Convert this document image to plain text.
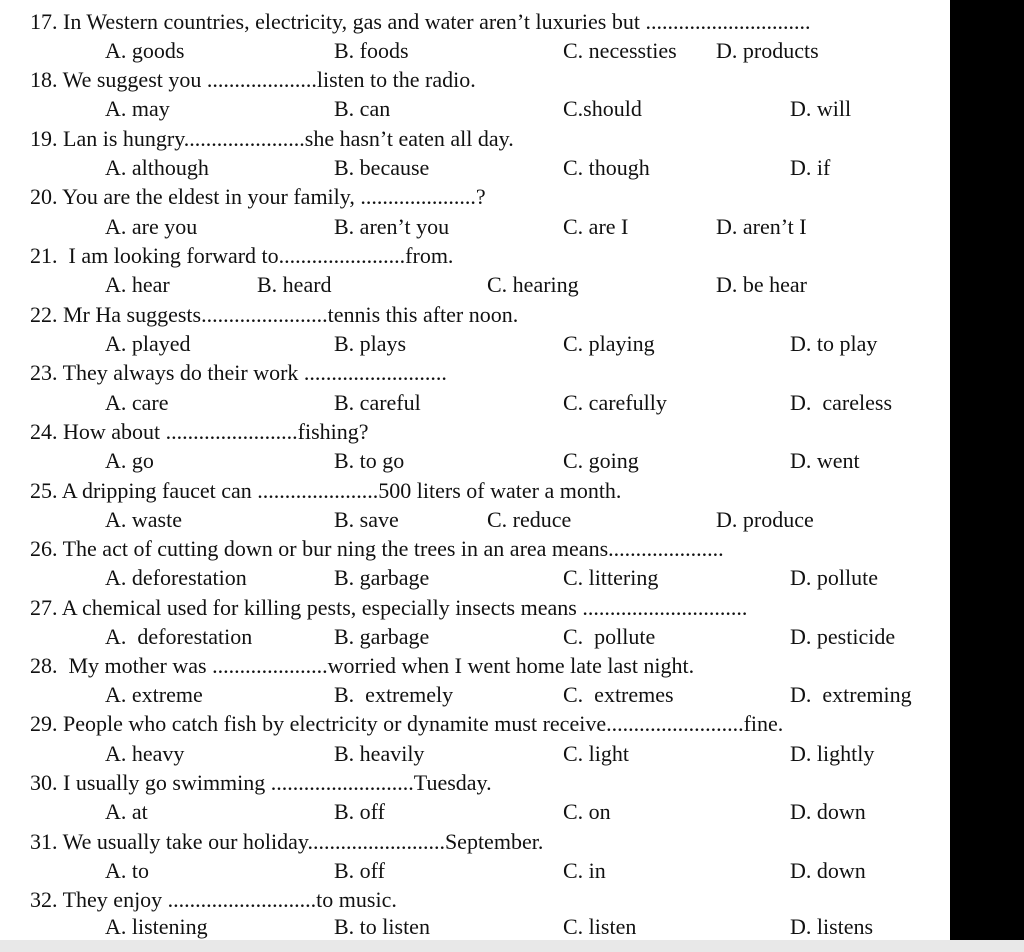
17. In Western countries, electricity, gas and water aren’t luxuries but ..............................
A. goods	B. foods	C. necessties D. products
18. We suggest you ....................listen to the radio.
A. may	B. can	C.should	D. will
19. Lan is hungry......................she hasn’t eaten all day.
A. although	B. because	C. though	D. if
20. You are the eldest in your family, .....................?
A. are you	B. aren’t you	C. are I	D. aren’t I
21.  I am looking forward to.......................from.
A. hear	B. heard	C. hearing	D. be hear
22. Mr Ha suggests.......................tennis this after noon.
A. played	B. plays	C. playing	D. to play
23. They always do their work ..........................
A. care	B. careful	C. carefully	D.  careless
24. How about ........................fishing?
A. go	B. to go	C. going	D. went
25. A dripping faucet can ......................500 liters of water a month.
A. waste	B. save	C. reduce	D. produce
26. The act of cutting down or bur ning the trees in an area means.....................
A. deforestation	B. garbage	C. littering	D. pollute
27. A chemical used for killing pests, especially insects means ..............................
A.  deforestation	B. garbage	C.  pollute	D. pesticide
28.  My mother was .....................worried when I went home late last night.
A. extreme	B.  extremely	C.  extremes	D.  extreming
29. People who catch fish by electricity or dynamite must receive.........................fine.
A. heavy	B. heavily	C. light	D. lightly
30. I usually go swimming ..........................Tuesday.
A. at	B. off	C. on	D. down
31. We usually take our holiday.........................September.
A. to	B. off	C. in	D. down
32. They enjoy ...........................to music.
A. listening	B. to listen	C. listen	D. listens
